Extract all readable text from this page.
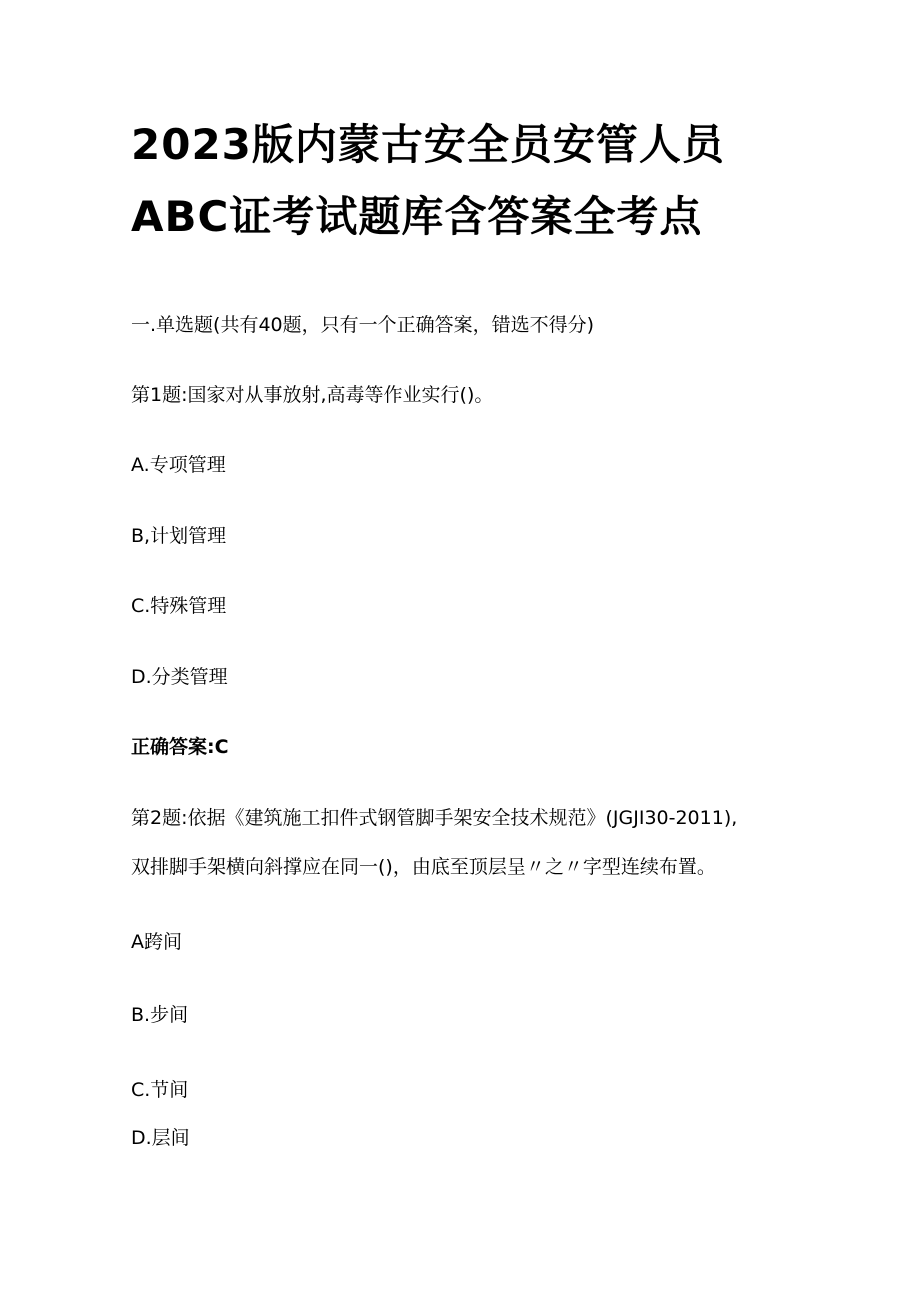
2023版内蒙古安全员安管人员
ABC证考试题库含答案全考点
一.单选题(共有40题，只有一个正确答案，错选不得分)
第1题:国家对从事放射,高毒等作业实行()。
A.专项管理
B,计划管理
C.特殊管理
D.分类管理
正确答案:C
第2题:依据《建筑施工扣件式钢管脚手架安全技术规范》(JGJI30-2011),
双排脚手架横向斜撑应在同一()，由底至顶层呈〃之〃字型连续布置。
A跨间
B.步间
C.节间
D.层间
